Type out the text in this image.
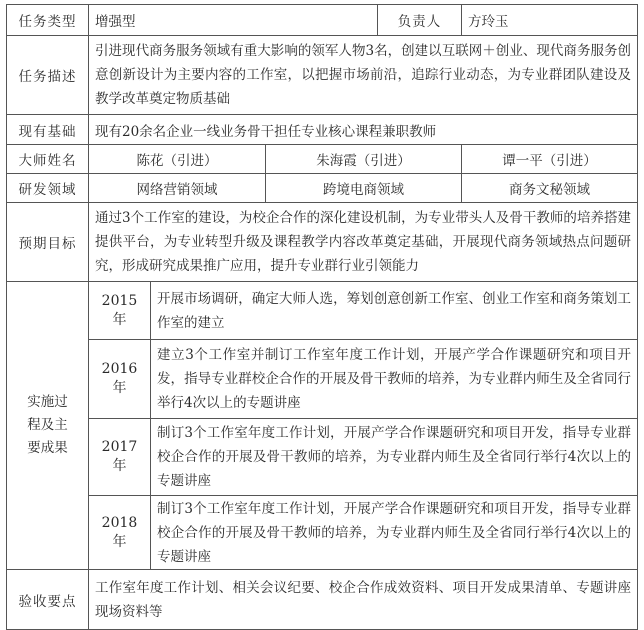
任务类型	增强型			负责人	方玲玉
任务描述	引进现代商务服务领域有重大影响的领军人物3名，创建以互联网＋创业、现代商务服务创意创新设计为主要内容的工作室，以把握市场前沿，追踪行业动态，为专业群团队建设及教学改革奠定物质基础				
现有基础	现有20余名企业一线业务骨干担任专业核心课程兼职教师				
大师姓名	陈花（引进）		朱海霞（引进）		谭一平（引进）
研发领域	网络营销领域		跨境电商领域		商务文秘领域
预期目标	通过3个工作室的建设，为校企合作的深化建设机制，为专业带头人及骨干教师的培养搭建提供平台，为专业转型升级及课程教学内容改革奠定基础，开展现代商务领域热点问题研究，形成研究成果推广应用，提升专业群行业引领能力				

实施过
程及主
要成果	2015年	开展市场调研，确定大师人选，筹划创意创新工作室、创业工作室和商务策划工作室的建立			
	2016年	建立3个工作室并制订工作室年度工作计划，开展产学合作课题研究和项目开发，指导专业群校企合作的开展及骨干教师的培养，为专业群内师生及全省同行举行4次以上的专题讲座			
	2017年	制订3个工作室年度工作计划，开展产学合作课题研究和项目开发，指导专业群校企合作的开展及骨干教师的培养，为专业群内师生及全省同行举行4次以上的专题讲座			
	2018年	制订3个工作室年度工作计划，开展产学合作课题研究和项目开发，指导专业群校企合作的开展及骨干教师的培养，为专业群内师生及全省同行举行4次以上的专题讲座			
验收要点	工作室年度工作计划、相关会议纪要、校企合作成效资料、项目开发成果清单、专题讲座现场资料等				
